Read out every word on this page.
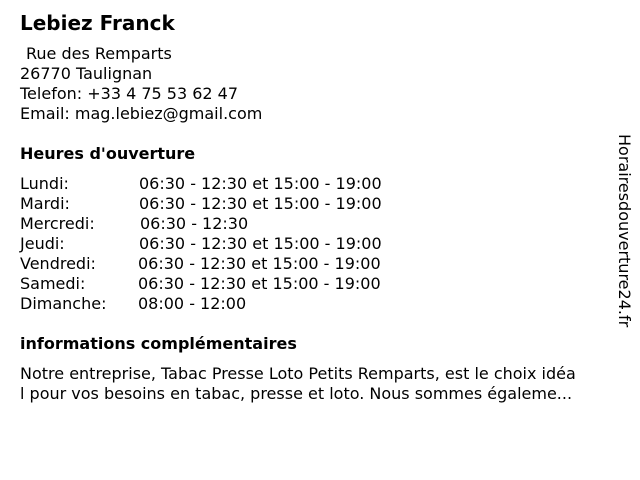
Lebiez Franck
Rue des Remparts
26770 Taulignan
Telefon: +33 4 75 53 62 47
Email: mag.lebiez@gmail.com
Heures d'ouverture
Lundi:	06:30 - 12:30 et 15:00 - 19:00
Mardi:	06:30 - 12:30 et 15:00 - 19:00
Mercredi:	06:30 - 12:30
Jeudi:	06:30 - 12:30 et 15:00 - 19:00
Vendredi:	06:30 - 12:30 et 15:00 - 19:00
Samedi:	06:30 - 12:30 et 15:00 - 19:00
Dimanche: 08:00 - 12:00
informations complémentaires
Notre entreprise, Tabac Presse Loto Petits Remparts, est le choix idéa
l pour vos besoins en tabac, presse et loto. Nous sommes égaleme...
Horairesdouverture24.fr
